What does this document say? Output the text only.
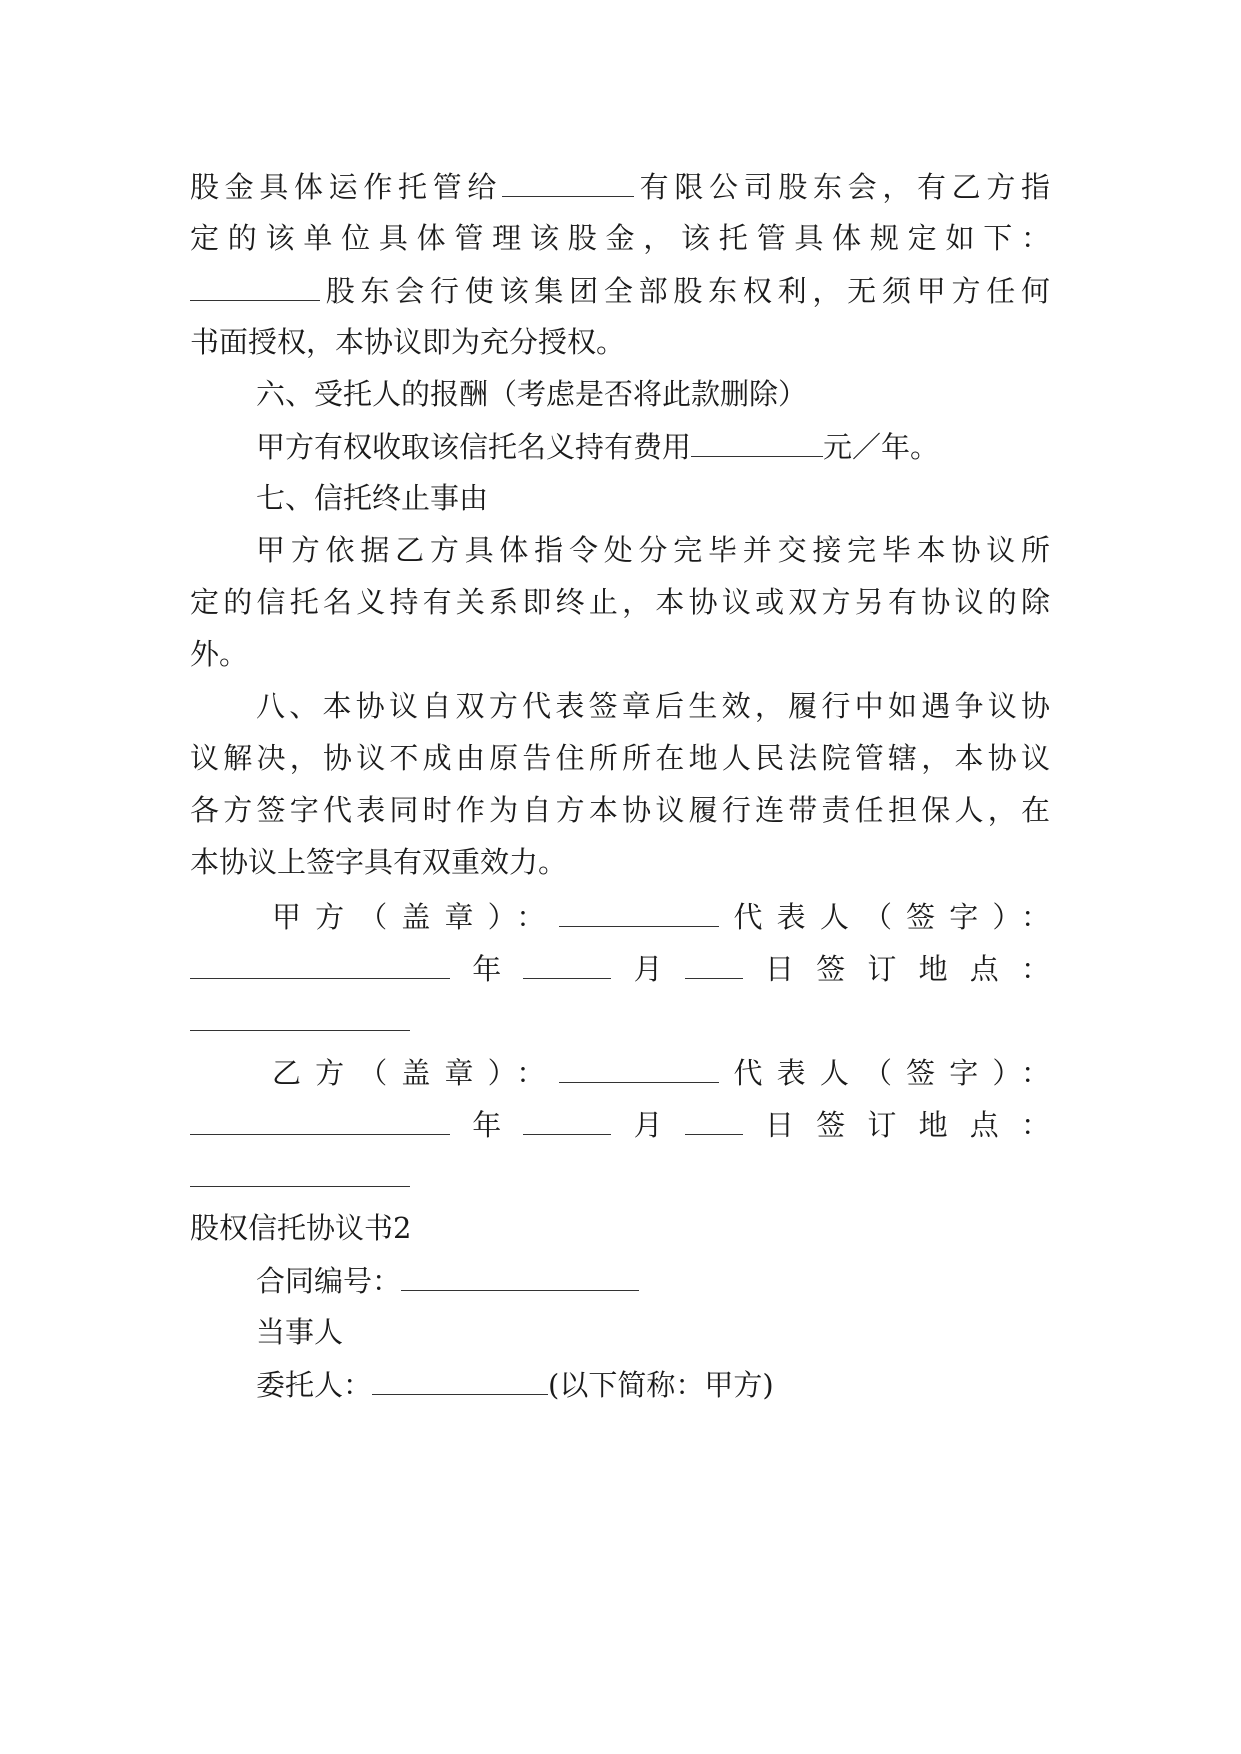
股金具体运作托管给	有限公司股东会，有乙方指
定的该单位具体管理该股金，该托管具体规定如下：
股东会行使该集团全部股东权利，无须甲方任何
书面授权，本协议即为充分授权。
六、受托人的报酬（考虑是否将此款删除）
甲方有权收取该信托名义持有费用	元／年。
七、信托终止事由
甲方依据乙方具体指令处分完毕并交接完毕本协议所
定的信托名义持有关系即终止，本协议或双方另有协议的除
外。
八、本协议自双方代表签章后生效，履行中如遇争议协
议解决，协议不成由原告住所所在地人民法院管辖，本协议
各方签字代表同时作为自方本协议履行连带责任担保人，在
本协议上签字具有双重效力。
甲方（盖章）：	代表人（签字）：
年	月 日签订地点：
乙方（盖章）：	代表人（签字）：
年	月 日签订地点：
股权信托协议书2
合同编号：
当事人
委托人：	(以下简称：甲方)
